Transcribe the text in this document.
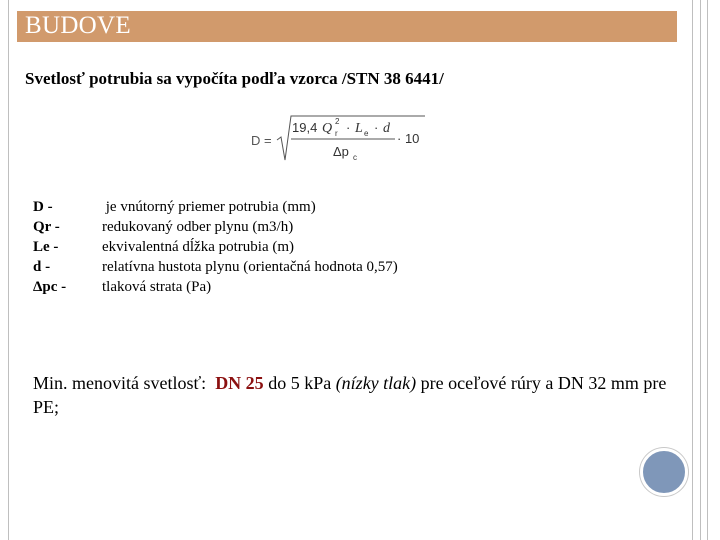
BUDOVE
Svetlosť potrubia sa vypočíta podľa vzorca /STN 38 6441/
D =
19,4 Q 2
r · L e · d
Δp c
· 10
D -
Qr -
Le -
d -
Δpc -
je vnútorný priemer potrubia (mm)
redukovaný odber plynu (m3/h)
ekvivalentná dĺžka potrubia (m)
relatívna hustota plynu (orientačná hodnota 0,57)
tlaková strata (Pa)
Min. menovitá svetlosť:  DN 25 do 5 kPa (nízky tlak) pre oceľové rúry a DN 32 mm pre PE;
